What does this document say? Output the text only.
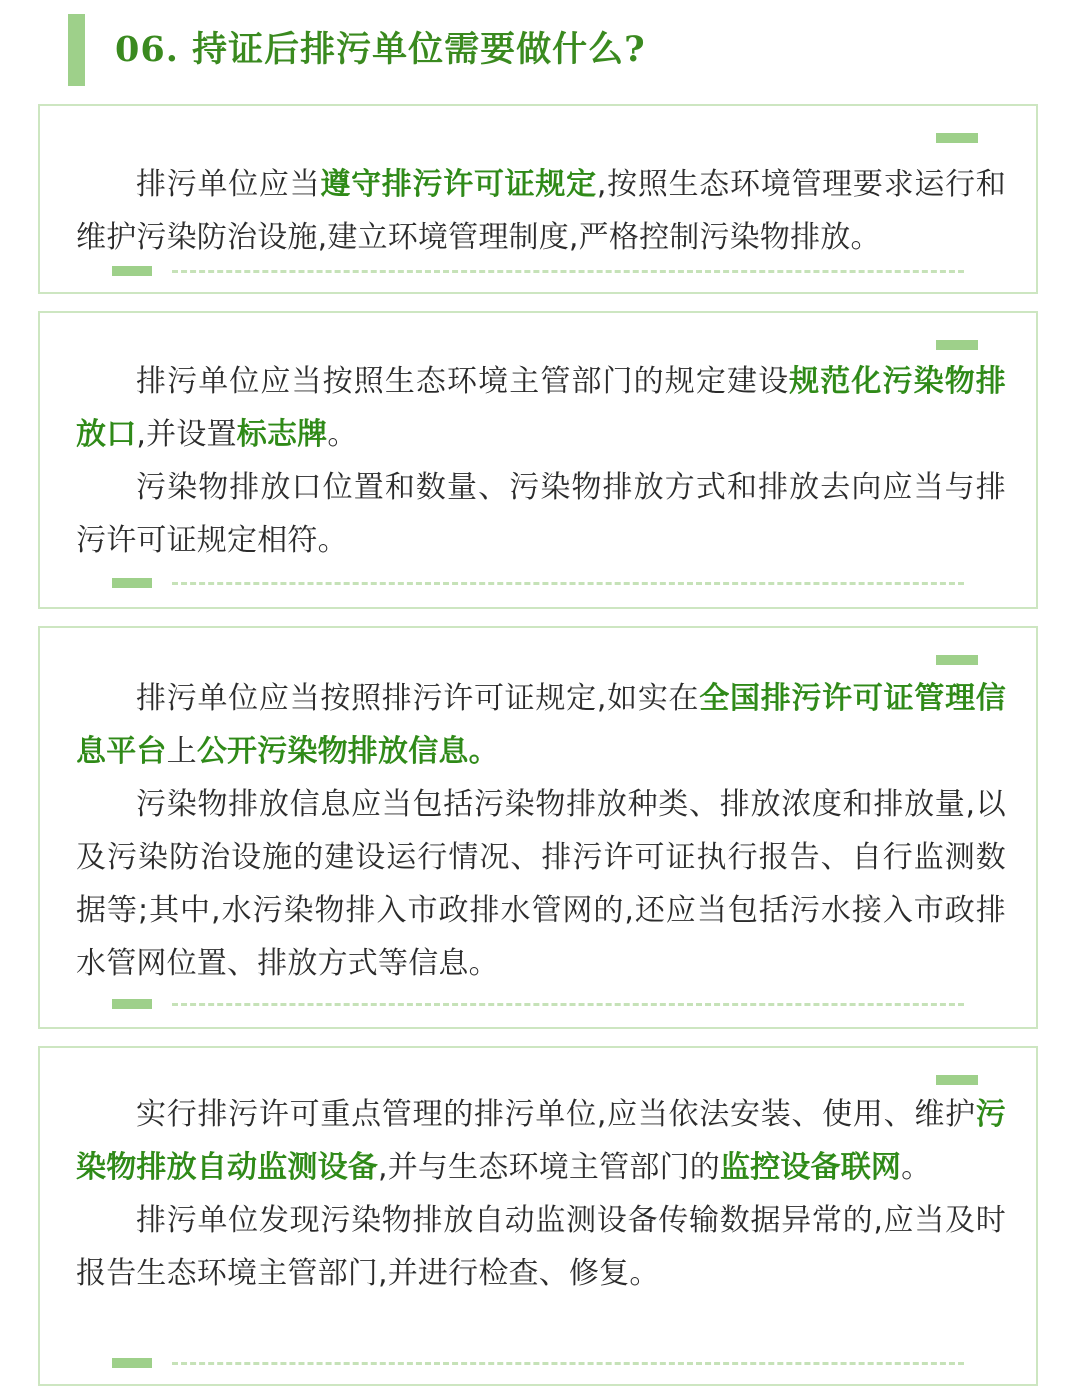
06. 持证后排污单位需要做什么?

排污单位应当遵守排污许可证规定,按照生态环境管理要求运行和维护污染防治设施,建立环境管理制度,严格控制污染物排放。

排污单位应当按照生态环境主管部门的规定建设规范化污染物排放口,并设置标志牌。

污染物排放口位置和数量、污染物排放方式和排放去向应当与排污许可证规定相符。

排污单位应当按照排污许可证规定,如实在全国排污许可证管理信息平台上公开污染物排放信息。

污染物排放信息应当包括污染物排放种类、排放浓度和排放量,以及污染防治设施的建设运行情况、排污许可证执行报告、自行监测数据等;其中,水污染物排入市政排水管网的,还应当包括污水接入市政排水管网位置、排放方式等信息。

实行排污许可重点管理的排污单位,应当依法安装、使用、维护污染物排放自动监测设备,并与生态环境主管部门的监控设备联网。

排污单位发现污染物排放自动监测设备传输数据异常的,应当及时报告生态环境主管部门,并进行检查、修复。
